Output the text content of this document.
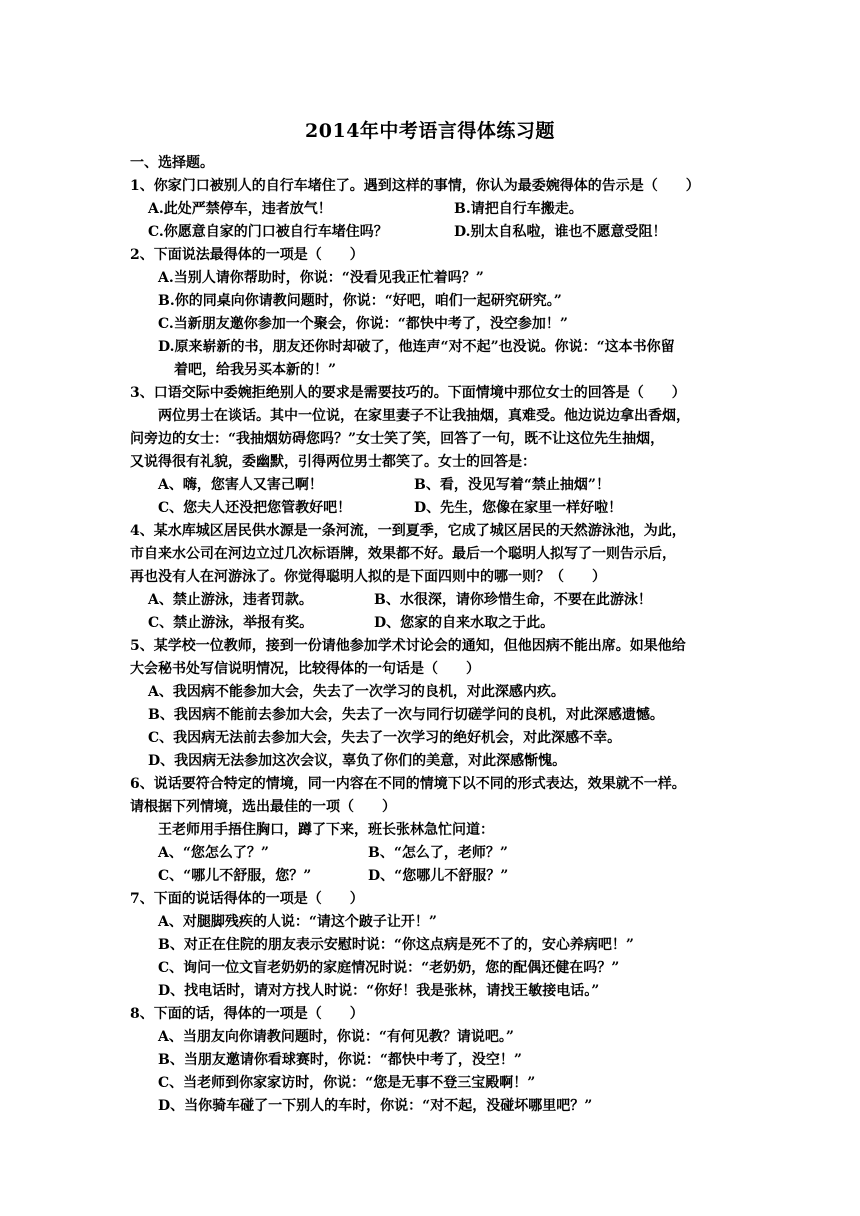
2014年中考语言得体练习题
一、选择题。
1、你家门口被别人的自行车堵住了。遇到这样的事情，你认为最委婉得体的告示是（　　）
A.此处严禁停车，违者放气！	B.请把自行车搬走。
C.你愿意自家的门口被自行车堵住吗？	D.别太自私啦，谁也不愿意受阻！
2、下面说法最得体的一项是（　　）
A.当别人请你帮助时，你说：“没看见我正忙着吗？”
B.你的同桌向你请教问题时，你说：“好吧，咱们一起研究研究。”
C.当新朋友邀你参加一个聚会，你说：“都快中考了，没空参加！”
D.原来崭新的书，朋友还你时却破了，他连声“对不起”也没说。你说：“这本书你留
着吧，给我另买本新的！”
3、口语交际中委婉拒绝别人的要求是需要技巧的。下面情境中那位女士的回答是（　　）
两位男士在谈话。其中一位说，在家里妻子不让我抽烟，真难受。他边说边拿出香烟，
问旁边的女士：“我抽烟妨碍您吗？”女士笑了笑，回答了一句，既不让这位先生抽烟，
又说得很有礼貌，委幽默，引得两位男士都笑了。女士的回答是：
A、嗨，您害人又害己啊！	B、看，没见写着“禁止抽烟”！
C、您夫人还没把您管教好吧！	D、先生，您像在家里一样好啦！
4、某水库城区居民供水源是一条河流，一到夏季，它成了城区居民的天然游泳池，为此，
市自来水公司在河边立过几次标语牌，效果都不好。最后一个聪明人拟写了一则告示后，
再也没有人在河游泳了。你觉得聪明人拟的是下面四则中的哪一则？（　　）
A、禁止游泳，违者罚款。	B、水很深，请你珍惜生命，不要在此游泳！
C、禁止游泳，举报有奖。	D、您家的自来水取之于此。
5、某学校一位教师，接到一份请他参加学术讨论会的通知，但他因病不能出席。如果他给
大会秘书处写信说明情况，比较得体的一句话是（　　）
A、我因病不能参加大会，失去了一次学习的良机，对此深感内疚。
B、我因病不能前去参加大会，失去了一次与同行切磋学问的良机，对此深感遗憾。
C、我因病无法前去参加大会，失去了一次学习的绝好机会，对此深感不幸。
D、我因病无法参加这次会议，辜负了你们的美意，对此深感惭愧。
6、说话要符合特定的情境，同一内容在不同的情境下以不同的形式表达，效果就不一样。
请根据下列情境，选出最佳的一项（　　）
王老师用手捂住胸口，蹲了下来，班长张林急忙问道：
A、“您怎么了？”	B、“怎么了，老师？”
C、“哪儿不舒服，您？”	D、“您哪儿不舒服？”
7、下面的说话得体的一项是（　　）
A、对腿脚残疾的人说：“请这个跛子让开！”
B、对正在住院的朋友表示安慰时说：“你这点病是死不了的，安心养病吧！”
C、询问一位文盲老奶奶的家庭情况时说：“老奶奶，您的配偶还健在吗？”
D、找电话时，请对方找人时说：“你好！我是张林，请找王敏接电话。”
8、下面的话，得体的一项是（　　）
A、当朋友向你请教问题时，你说：“有何见教？请说吧。”
B、当朋友邀请你看球赛时，你说：“都快中考了，没空！”
C、当老师到你家家访时，你说：“您是无事不登三宝殿啊！”
D、当你骑车碰了一下别人的车时，你说：“对不起，没碰坏哪里吧？”
